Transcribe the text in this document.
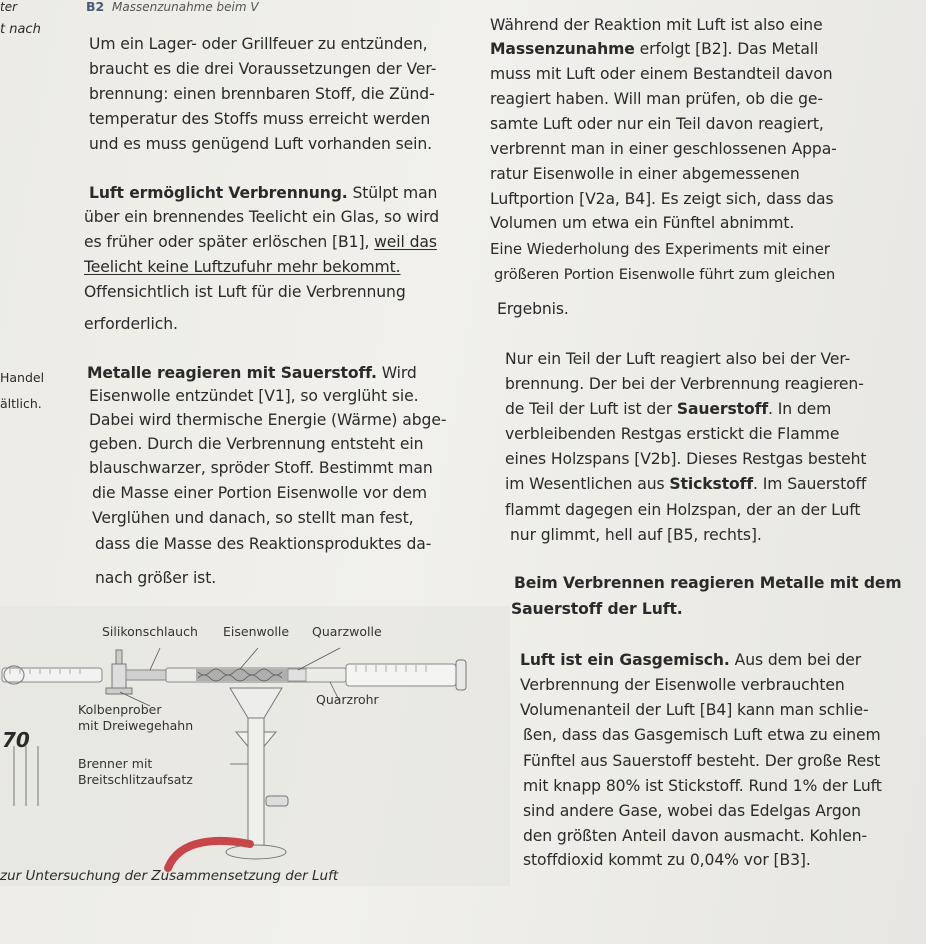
ter	B2 Massenzunahme beim V
t nach
Handel
ältlich.
Um ein Lager- oder Grillfeuer zu entzünden,
braucht es die drei Voraussetzungen der Ver-
brennung: einen brennbaren Stoff, die Zünd-
temperatur des Stoffs muss erreicht werden
und es muss genügend Luft vorhanden sein.
Luft ermöglicht Verbrennung. Stülpt man
über ein brennendes Teelicht ein Glas, so wird
es früher oder später erlöschen [B1], weil das
Teelicht keine Luftzufuhr mehr bekommt.
Offensichtlich ist Luft für die Verbrennung
erforderlich.
Metalle reagieren mit Sauerstoff. Wird
Eisenwolle entzündet [V1], so verglüht sie.
Dabei wird thermische Energie (Wärme) abge-
geben. Durch die Verbrennung entsteht ein
blauschwarzer, spröder Stoff. Bestimmt man
die Masse einer Portion Eisenwolle vor dem
Verglühen und danach, so stellt man fest,
dass die Masse des Reaktionsproduktes da-
nach größer ist.
Während der Reaktion mit Luft ist also eine
Massenzunahme erfolgt [B2]. Das Metall
muss mit Luft oder einem Bestandteil davon
reagiert haben. Will man prüfen, ob die ge-
samte Luft oder nur ein Teil davon reagiert,
verbrennt man in einer geschlossenen Appa-
ratur Eisenwolle in einer abgemessenen
Luftportion [V2a, B4]. Es zeigt sich, dass das
Volumen um etwa ein Fünftel abnimmt.
Eine Wiederholung des Experiments mit einer
größeren Portion Eisenwolle führt zum gleichen
Ergebnis.
Nur ein Teil der Luft reagiert also bei der Ver-
brennung. Der bei der Verbrennung reagieren-
de Teil der Luft ist der Sauerstoff. In dem
verbleibenden Restgas erstickt die Flamme
eines Holzspans [V2b]. Dieses Restgas besteht
im Wesentlichen aus Stickstoff. Im Sauerstoff
flammt dagegen ein Holzspan, der an der Luft
nur glimmt, hell auf [B5, rechts].
Beim Verbrennen reagieren Metalle mit dem
Sauerstoff der Luft.
Luft ist ein Gasgemisch. Aus dem bei der
Verbrennung der Eisenwolle verbrauchten
Volumenanteil der Luft [B4] kann man schlie-
ßen, dass das Gasgemisch Luft etwa zu einem
Fünftel aus Sauerstoff besteht. Der große Rest
mit knapp 80% ist Stickstoff. Rund 1% der Luft
sind andere Gase, wobei das Edelgas Argon
den größten Anteil davon ausmacht. Kohlen-
stoffdioxid kommt zu 0,04% vor [B3].
Silikonschlauch Eisenwolle Quarzwolle
Kolbenprober
mit Dreiwegehahn
Quarzrohr
Brenner mit
Breitschlitzaufsatz
70
zur Untersuchung der Zusammensetzung der Luft
